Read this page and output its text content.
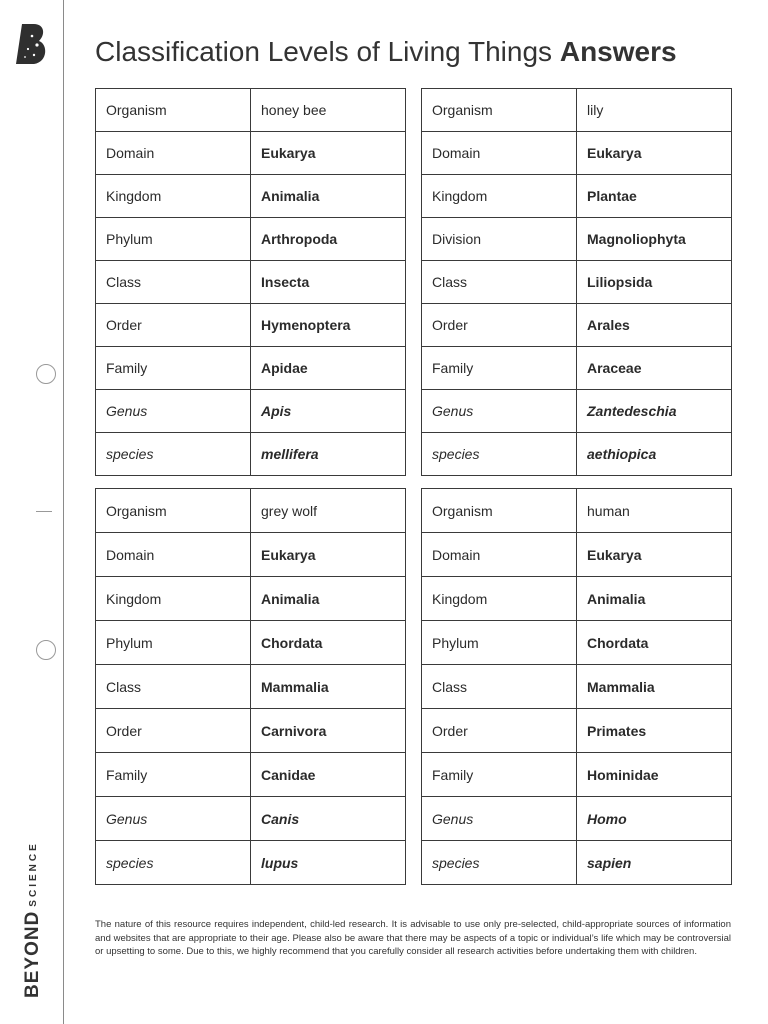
BEYONDSCIENCE
Classification Levels of Living Things Answers
Organism	honey bee
Domain	Eukarya
Kingdom	Animalia
Phylum	Arthropoda
Class	Insecta
Order	Hymenoptera
Family	Apidae
Genus	Apis
species	mellifera
Organism	lily
Domain	Eukarya
Kingdom	Plantae
Division	Magnoliophyta
Class	Liliopsida
Order	Arales
Family	Araceae
Genus	Zantedeschia
species	aethiopica
Organism	grey wolf
Domain	Eukarya
Kingdom	Animalia
Phylum	Chordata
Class	Mammalia
Order	Carnivora
Family	Canidae
Genus	Canis
species	lupus
Organism	human
Domain	Eukarya
Kingdom	Animalia
Phylum	Chordata
Class	Mammalia
Order	Primates
Family	Hominidae
Genus	Homo
species	sapien

The nature of this resource requires independent, child-led research. It is advisable to use only pre-selected, child-appropriate sources of information and websites that are appropriate to their age. Please also be aware that there may be aspects of a topic or individual’s life which may be controversial or upsetting to some. Due to this, we highly recommend that you carefully consider all research activities before undertaking them with children.
